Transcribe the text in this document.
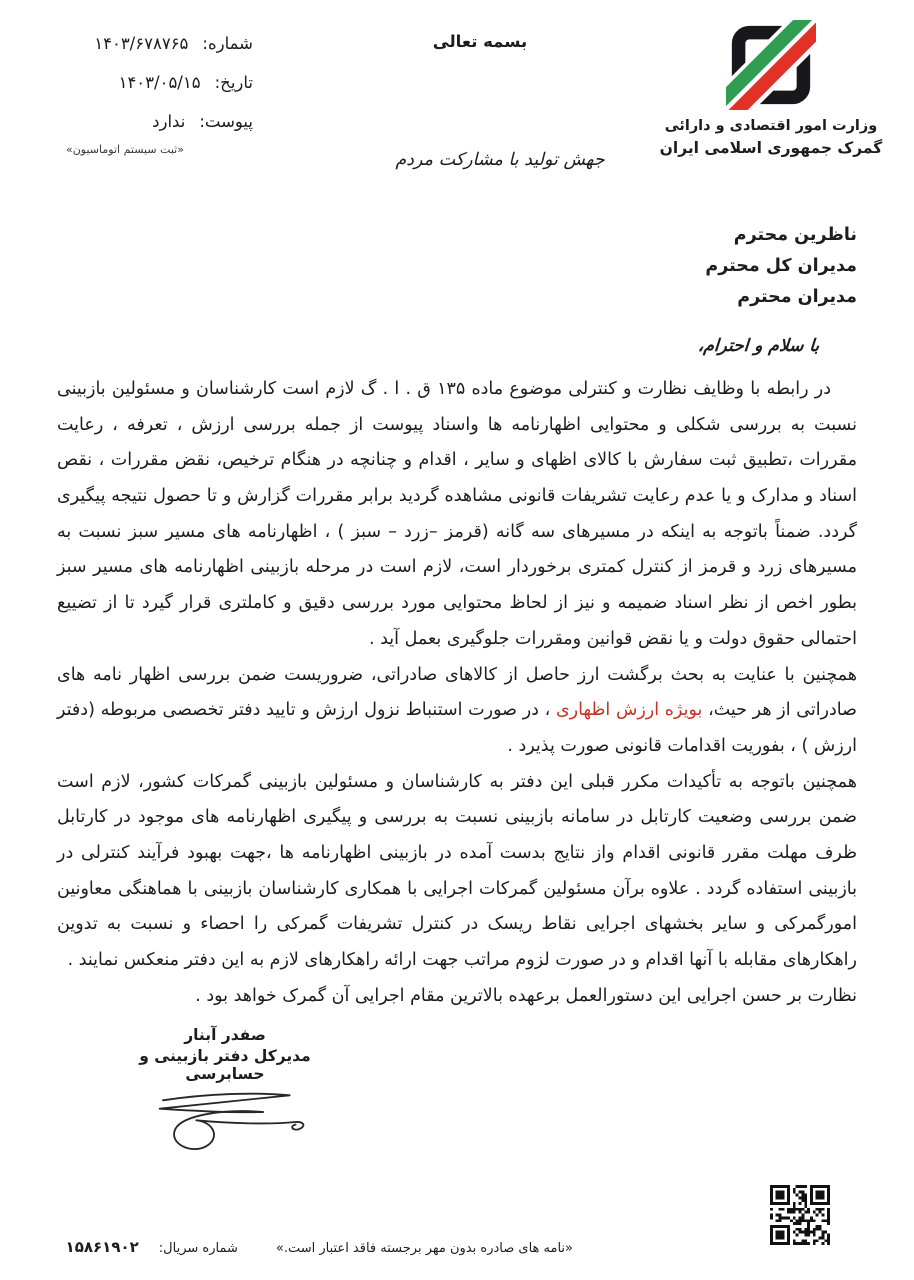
شماره:
۱۴۰۳/۶۷۸۷۶۵
تاریخ:
۱۴۰۳/۰۵/۱۵
پیوست:
ندارد
«ثبت سیستم اتوماسیون»
بسمه تعالی
جهش تولید با مشارکت مردم
وزارت امور اقتصادی و دارائی
گمرک جمهوری اسلامی ایران
ناظرین محترم
مدیران کل محترم
مدیران محترم
با سلام و احترام،

در رابطه با وظایف نظارت و کنترلی موضوع ماده ۱۳۵ ق . ا . گ لازم است کارشناسان و مسئولین بازبینی نسبت به بررسی شکلی و محتوایی اظهارنامه ها واسناد پیوست از جمله بررسی ارزش ، تعرفه ، رعایت مقررات ،تطبیق ثبت سفارش با کالای اظهای و سایر ، اقدام و چنانچه در هنگام ترخیص، نقض مقررات ، نقص اسناد و مدارک و یا عدم رعایت تشریفات قانونی مشاهده گردید برابر مقررات گزارش و تا حصول نتیجه پیگیری گردد. ضمناً باتوجه به اینکه در مسیرهای سه گانه (قرمز –زرد – سبز ) ، اظهارنامه های مسیر سبز نسبت به مسیرهای زرد و قرمز از کنترل کمتری برخوردار است، لازم است در مرحله بازبینی اظهارنامه های مسیر سبز بطور اخص از نظر اسناد ضمیمه و نیز از لحاظ محتوایی مورد بررسی دقیق و کاملتری قرار گیرد تا از تضییع احتمالی حقوق دولت و یا نقض قوانین ومقررات جلوگیری بعمل آید .

همچنین با عنایت به بحث برگشت ارز حاصل از کالاهای صادراتی، ضروریست ضمن بررسی اظهار نامه های صادراتی از هر حیث، بویژه ارزش اظهاری ، در صورت استنباط نزول ارزش و تایید دفتر تخصصی مربوطه (دفتر ارزش ) ، بفوریت اقدامات قانونی صورت پذیرد .

همچنین باتوجه به تأکیدات مکرر قبلی این دفتر به کارشناسان و مسئولین بازبینی گمرکات کشور، لازم است ضمن بررسی وضعیت کارتابل در سامانه بازبینی نسبت به بررسی و پیگیری اظهارنامه های موجود در کارتابل ظرف مهلت مقرر قانونی اقدام واز نتایج بدست آمده در بازبینی اظهارنامه ها ،جهت بهبود فرآیند کنترلی در بازبینی استفاده گردد . علاوه برآن مسئولین گمرکات اجرایی با همکاری کارشناسان بازبینی با هماهنگی معاونین امورگمرکی و سایر بخشهای اجرایی نقاط ریسک در کنترل تشریفات گمرکی را احصاء و نسبت به تدوین راهکارهای مقابله با آنها اقدام و در صورت لزوم مراتب جهت ارائه راهکارهای لازم به این دفتر منعکس نمایند .

نظارت بر حسن اجرایی این دستورالعمل برعهده بالاترین مقام اجرایی آن گمرک خواهد بود .

صفدر آبنار
مدیرکل دفتر بازبینی و حسابرسی
«نامه های صادره بدون مهر برجسته فاقد اعتبار است.»
شماره سریال:
۱۵۸۶۱۹۰۲
